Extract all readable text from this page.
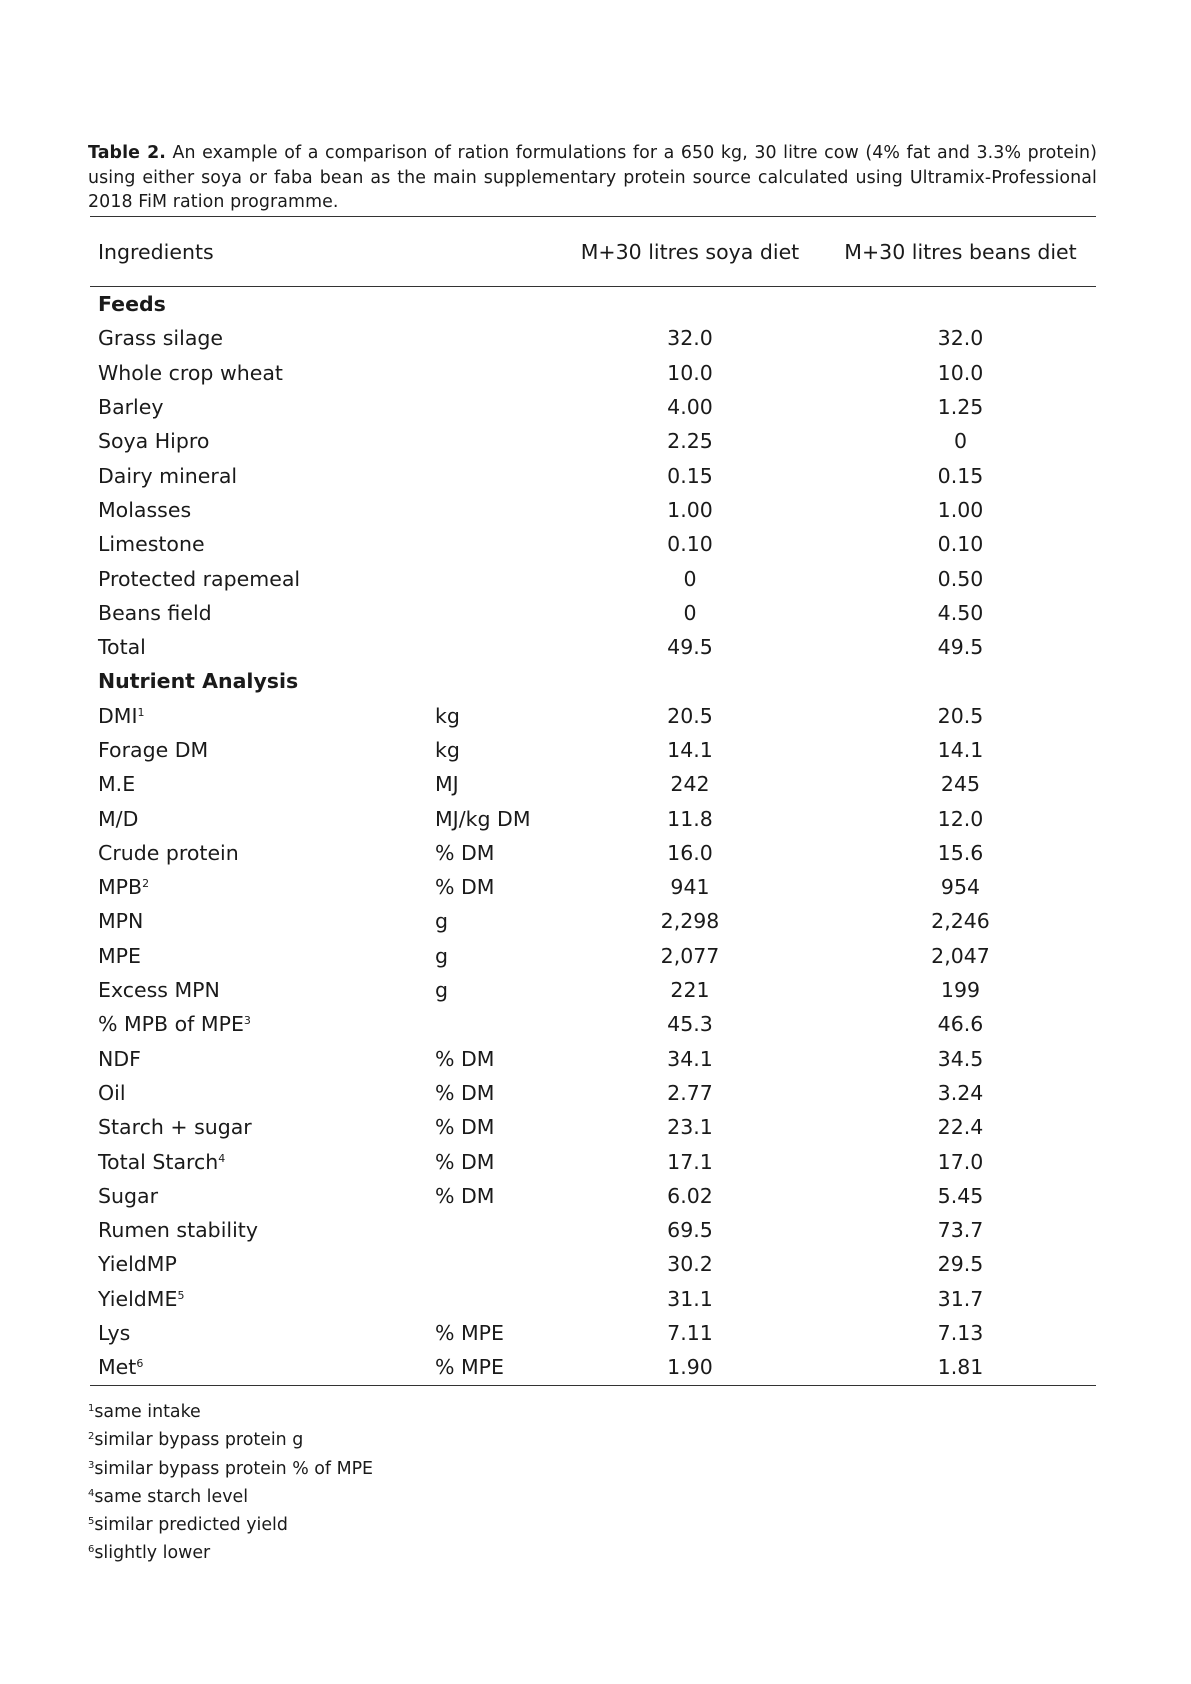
Table 2. An example of a comparison of ration formulations for a 650 kg, 30 litre cow (4% fat and 3.3% protein) using either soya or faba bean as the main supplementary protein source calculated using Ultramix-Professional 2018 FiM ration programme.

Ingredients		M+30 litres soya diet	M+30 litres beans diet
Feeds			
Grass silage		32.0	32.0
Whole crop wheat		10.0	10.0
Barley		4.00	1.25
Soya Hipro		2.25	0
Dairy mineral		0.15	0.15
Molasses		1.00	1.00
Limestone		0.10	0.10
Protected rapemeal		0	0.50
Beans field		0	4.50
Total		49.5	49.5
Nutrient Analysis			
DMI$^1$	kg	20.5	20.5
Forage DM	kg	14.1	14.1
M.E	MJ	242	245
M/D	MJ/kg DM	11.8	12.0
Crude protein	% DM	16.0	15.6
MPB$^2$	% DM	941	954
MPN	g	2,298	2,246
MPE	g	2,077	2,047
Excess MPN	g	221	199
% MPB of MPE$^3$		45.3	46.6
NDF	% DM	34.1	34.5
Oil	% DM	2.77	3.24
Starch + sugar	% DM	23.1	22.4
Total Starch$^4$	% DM	17.1	17.0
Sugar	% DM	6.02	5.45
Rumen stability		69.5	73.7
YieldMP		30.2	29.5
YieldME$^5$		31.1	31.7
Lys	% MPE	7.11	7.13
Met$^6$	% MPE	1.90	1.81
$^1$same intake
$^2$similar bypass protein g
$^3$similar bypass protein % of MPE
$^4$same starch level
$^5$similar predicted yield
$^6$slightly lower
